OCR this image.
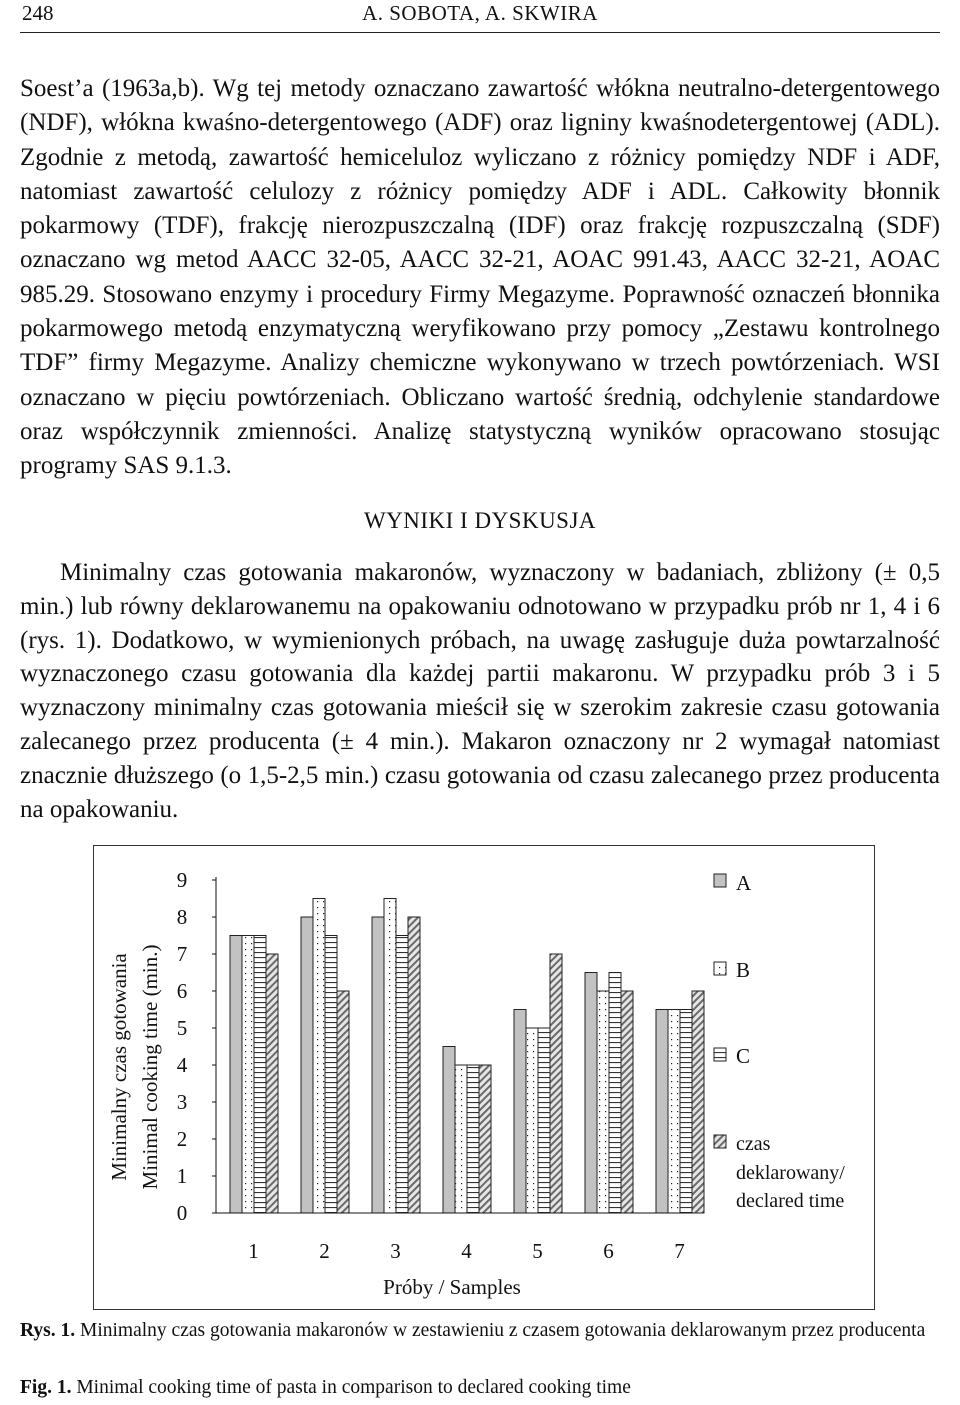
248	A. SOBOTA, A. SKWIRA

Soest’a (1963a,b). Wg tej metody oznaczano zawartość włókna neutralno-detergentowego (NDF), włókna kwaśno-detergentowego (ADF) oraz ligniny kwaśnodetergentowej (ADL). Zgodnie z metodą, zawartość hemiceluloz wyliczano z różnicy pomiędzy NDF i ADF, natomiast zawartość celulozy z różnicy pomiędzy ADF i ADL. Całkowity błonnik pokarmowy (TDF), frakcję nierozpuszczalną (IDF) oraz frakcję rozpuszczalną (SDF) oznaczano wg metod AACC 32-05, AACC 32-21, AOAC 991.43, AACC 32-21, AOAC 985.29. Stosowano enzymy i procedury Firmy Megazyme. Poprawność oznaczeń błonnika pokarmowego metodą enzymatyczną weryfikowano przy pomocy „Zestawu kontrolnego TDF” firmy Megazyme. Analizy chemiczne wykonywano w trzech powtórzeniach. WSI oznaczano w pięciu powtórzeniach. Obliczano wartość średnią, odchylenie standardowe oraz współczynnik zmienności. Analizę statystyczną wyników opracowano stosując programy SAS 9.1.3.

WYNIKI I DYSKUSJA

Minimalny czas gotowania makaronów, wyznaczony w badaniach, zbliżony (± 0,5 min.) lub równy deklarowanemu na opakowaniu odnotowano w przypadku prób nr 1, 4 i 6 (rys. 1). Dodatkowo, w wymienionych próbach, na uwagę zasługuje duża powtarzalność wyznaczonego czasu gotowania dla każdej partii makaronu. W przypadku prób 3 i 5 wyznaczony minimalny czas gotowania mieścił się w szerokim zakresie czasu gotowania zalecanego przez producenta (± 4 min.). Makaron oznaczony nr 2 wymagał natomiast znacznie dłuższego (o 1,5-2,5 min.) czasu gotowania od czasu zalecanego przez producenta na opakowaniu.

Minimalny czas gotowania Minimal cooking time (min.)
0
1
2
3
4
5
6
7
8
9
1	2	3	4	5	6	7
Próby / Samples
A
B
C
czas
deklarowany/
declared time
Rys. 1. Minimalny czas gotowania makaronów w zestawieniu z czasem gotowania deklarowanym przez producenta
Fig. 1. Minimal cooking time of pasta in comparison to declared cooking time
